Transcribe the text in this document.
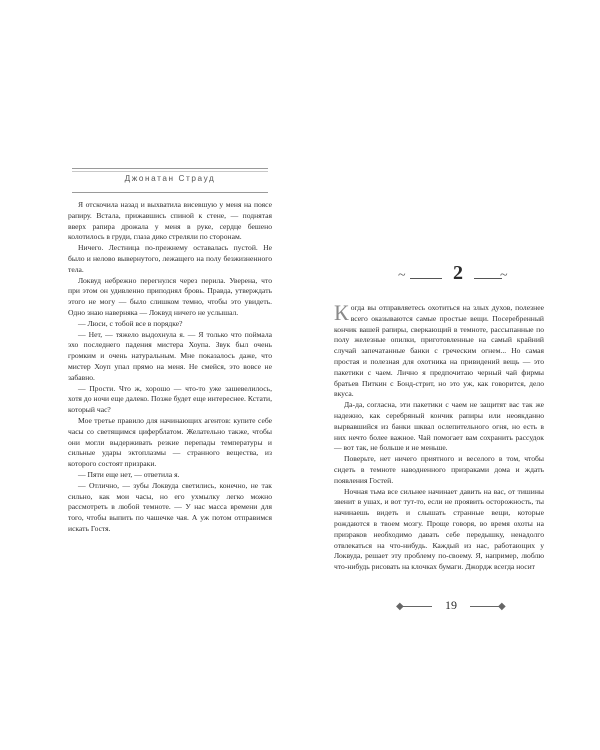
Джонатан Страуд

Я отскочила назад и выхватила висевшую у меня на поясе рапиру. Встала, прижавшись спиной к стене, — поднятая вверх рапира дрожала у меня в руке, сердце бешено колотилось в груди, глаза дико стреляли по сторонам.

Ничего. Лестница по-прежнему оставалась пустой. Не было и нелово вывернутого, лежащего на полу безжизненного тела.

Локвуд небрежно перегнулся через перила. Уверена, что при этом он удивленно приподнял бровь. Правда, утверждать этого не могу — было слишком темно, чтобы это увидеть. Одно знаю наверняка — Локвуд ничего не услышал.

— Люси, с тобой все в порядке?

— Нет, — тяжело выдохнула я. — Я только что поймала эхо последнего падения мистера Хоупа. Звук был очень громким и очень натуральным. Мне показалось даже, что мистер Хоуп упал прямо на меня. Не смейся, это вовсе не забавно.

— Прости. Что ж, хорошо — что-то уже зашевелилось, хотя до ночи еще далеко. Позже будет еще интереснее. Кстати, который час?

Мое третье правило для начинающих агентов: купите себе часы со светящимся циферблатом. Желательно также, чтобы они могли выдерживать резкие перепады температуры и сильные удары эктоплазмы — странного вещества, из которого состоят призраки.

— Пяти еще нет, — ответила я.

— Отлично, — зубы Локвуда светились, конечно, не так сильно, как мои часы, но его ухмылку легко можно рассмотреть в любой темноте. — У нас масса времени для того, чтобы выпить по чашечке чая. А уж потом отправимся искать Гостя.

~	2	~

Когда вы отправляетесь охотиться на злых духов, полезнее всего оказываются самые простые вещи. Посеребренный кончик вашей рапиры, сверкающий в темноте, рассыпанные по полу железные опилки, приготовленные на самый крайний случай запечатанные банки с греческим огнем... Но самая простая и полезная для охотника на привидений вещь — это пакетики с чаем. Лично я предпочитаю черный чай фирмы братьев Питкин с Бонд-стрит, но это уж, как говорится, дело вкуса.

Да-да, согласна, эти пакетики с чаем не защитят вас так же надежно, как серебряный кончик рапиры или неоякданно вырвавшийся из банки шквал ослепительного огня, но есть в них нечто более важное. Чай помогает вам сохранить рассудок — вот так, не больше и не меньше.

Поверьте, нет ничего приятного и веселого в том, чтобы сидеть в темноте наводненного призраками дома и ждать появления Гостей.

Ночная тьма все сильнее начинает давить на вас, от тишины звенит в ушах, и вот тут-то, если не проявить осторожность, ты начинаешь видеть и слышать странные вещи, которые рождаются в твоем мозгу. Проще говоря, во время охоты на призраков необходимо давать себе передышку, ненадолго отвлекаться на что-нибудь. Каждый из нас, работающих у Локвуда, решает эту проблему по-своему. Я, например, люблю что-нибудь рисовать на клочках бумаги. Джордж всегда носит

◆	19	◆
